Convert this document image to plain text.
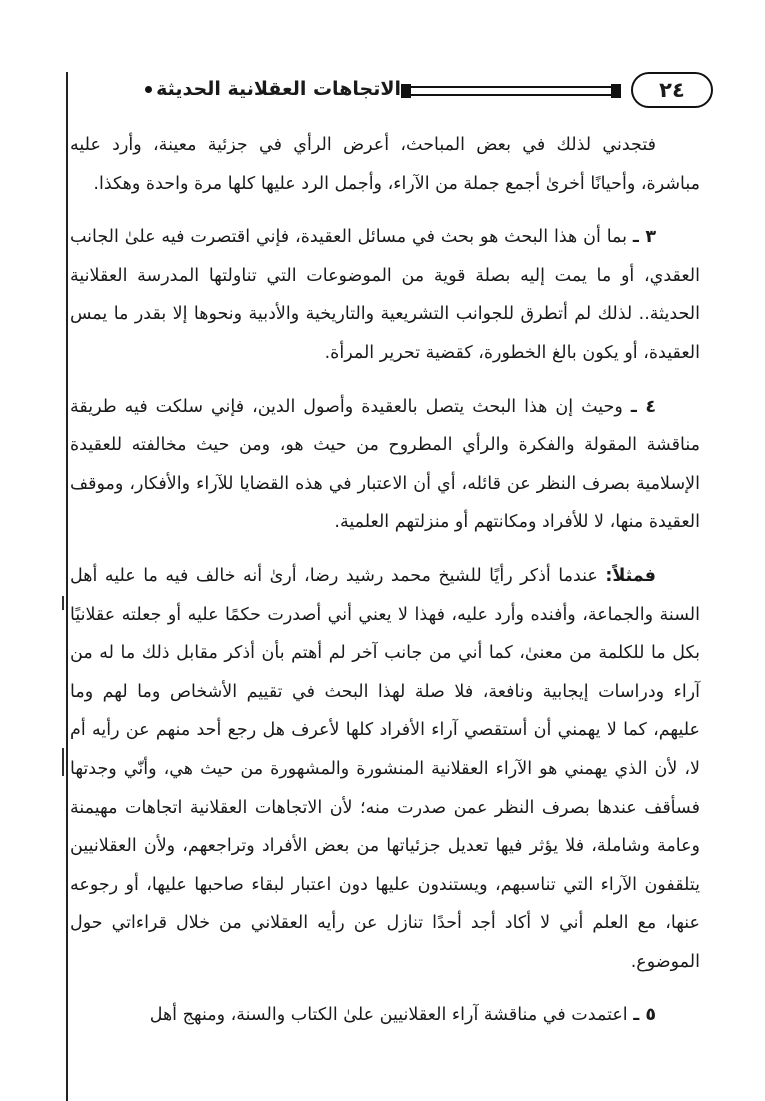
٢٤
الاتجاهات العقلانية الحديثة

فتجدني لذلك في بعض المباحث، أعرض الرأي في جزئية معينة، وأرد عليه مباشرة، وأحيانًا أخرىٰ أجمع جملة من الآراء، وأجمل الرد عليها كلها مرة واحدة وهكذا.

٣ ـ بما أن هذا البحث هو بحث في مسائل العقيدة، فإني اقتصرت فيه علىٰ الجانب العقدي، أو ما يمت إليه بصلة قوية من الموضوعات التي تناولتها المدرسة العقلانية الحديثة.. لذلك لم أتطرق للجوانب التشريعية والتاريخية والأدبية ونحوها إلا بقدر ما يمس العقيدة، أو يكون بالغ الخطورة، كقضية تحرير المرأة.

٤ ـ وحيث إن هذا البحث يتصل بالعقيدة وأصول الدين، فإني سلكت فيه طريقة مناقشة المقولة والفكرة والرأي المطروح من حيث هو، ومن حيث مخالفته للعقيدة الإسلامية بصرف النظر عن قائله، أي أن الاعتبار في هذه القضايا للآراء والأفكار، وموقف العقيدة منها، لا للأفراد ومكانتهم أو منزلتهم العلمية.

فمثلاً: عندما أذكر رأيًا للشيخ محمد رشيد رضا، أرىٰ أنه خالف فيه ما عليه أهل السنة والجماعة، وأفنده وأرد عليه، فهذا لا يعني أني أصدرت حكمًا عليه أو جعلته عقلانيًا بكل ما للكلمة من معنىٰ، كما أني من جانب آخر لم أهتم بأن أذكر مقابل ذلك ما له من آراء ودراسات إيجابية ونافعة، فلا صلة لهذا البحث في تقييم الأشخاص وما لهم وما عليهم، كما لا يهمني أن أستقصي آراء الأفراد كلها لأعرف هل رجع أحد منهم عن رأيه أم لا، لأن الذي يهمني هو الآراء العقلانية المنشورة والمشهورة من حيث هي، وأنّي وجدتها فسأقف عندها بصرف النظر عمن صدرت منه؛ لأن الاتجاهات العقلانية اتجاهات مهيمنة وعامة وشاملة، فلا يؤثر فيها تعديل جزئياتها من بعض الأفراد وتراجعهم، ولأن العقلانيين يتلقفون الآراء التي تناسبهم، ويستندون عليها دون اعتبار لبقاء صاحبها عليها، أو رجوعه عنها، مع العلم أني لا أكاد أجد أحدًا تنازل عن رأيه العقلاني من خلال قراءاتي حول الموضوع.

٥ ـ اعتمدت في مناقشة آراء العقلانيين علىٰ الكتاب والسنة، ومنهج أهل
